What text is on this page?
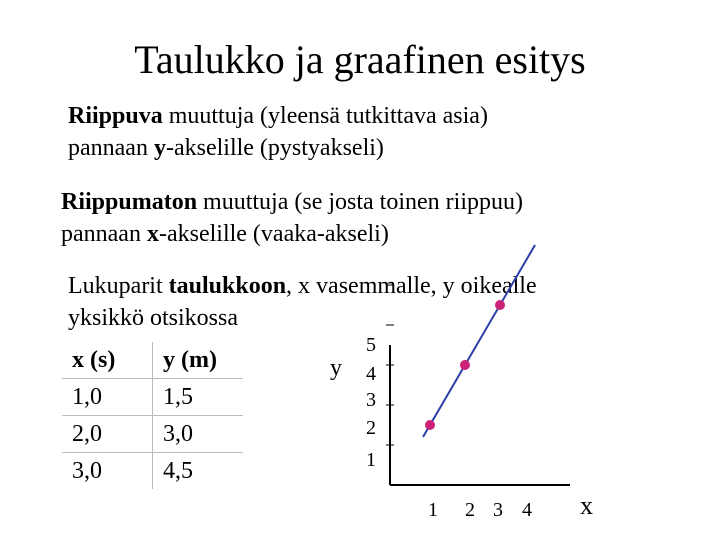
Taulukko ja graafinen esitys
Riippuva muuttuja (yleensä tutkittava asia)
pannaan y-akselille (pystyakseli)
Riippumaton muuttuja (se josta toinen riippuu)
pannaan x-akselille (vaaka-akseli)
Lukuparit taulukkoon, x vasemmalle, y oikealle
yksikkö otsikossa
x (s)	y (m)
1,0	1,5
2,0	3,0
3,0	4,5
y
x
5
4
3
2
1
1 2 3 4
